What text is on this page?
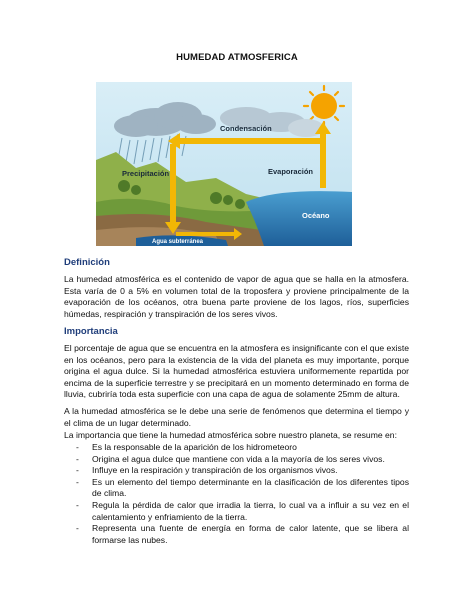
HUMEDAD ATMOSFERICA
Condensación
Precipitación	Evaporación
Océano
Agua subterránea
Definición

La humedad atmosférica es el contenido de vapor de agua que se halla en la atmosfera. Esta varía de 0 a 5% en volumen total de la troposfera y proviene principalmente de la evaporación de los océanos, otra buena parte proviene de los lagos, ríos, superficies húmedas, respiración y transpiración de los seres vivos.

Importancia

El porcentaje de agua que se encuentra en la atmosfera es insignificante con el que existe en los océanos, pero para la existencia de la vida del planeta es muy importante, porque origina el agua dulce. Si la humedad atmosférica estuviera uniformemente repartida por encima de la superficie terrestre y se precipitará en un momento determinado en forma de lluvia, cubriría toda esta superficie con una capa de agua de solamente 25mm de altura.

A la humedad atmosférica se le debe una serie de fenómenos que determina el tiempo y el clima de un lugar determinado.

La importancia que tiene la humedad atmosférica sobre nuestro planeta, se resume en:

- Es la responsable de la aparición de los hidrometeoro
- Origina el agua dulce que mantiene con vida a la mayoría de los seres vivos.
- Influye en la respiración y transpiración de los organismos vivos.
- Es un elemento del tiempo determinante en la clasificación de los diferentes tipos de clima.
- Regula la pérdida de calor que irradia la tierra, lo cual va a influir a su vez en el calentamiento y enfriamiento de la tierra.
- Representa una fuente de energía en forma de calor latente, que se libera al formarse las nubes.
